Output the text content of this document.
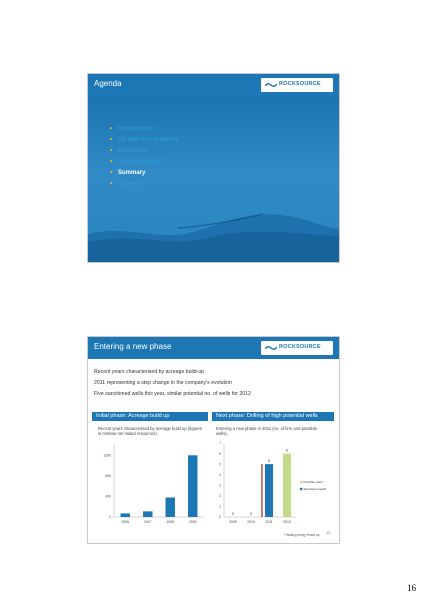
Agenda	ROCKSOURCE
• Introduction
• Oil and recent events
• Financials
• Portfolio update
• Summary
• Appendix
Entering a new phase	ROCKSOURCE
Recent years characterised by acreage build-up
2011 representing a step change in the company's evolution
Five sanctioned wells this year, similar potential no. of wells for 2012
Initial phase: Acreage build up	Next phase: Drilling of high potential wells
Recent years characterised by acreage build up (figures in mmboe net risked resources).
Entering a new phase in 2011 (no. of firm and possible wells).
0
400
800
1200
2006	2007	2008	2009
0
1
2
3
4
5
6
7
0
2009
0
2010
5
2011
6
2012
Possible wells *
Sanctioned wells
* Waiting being firmed up 15
16
